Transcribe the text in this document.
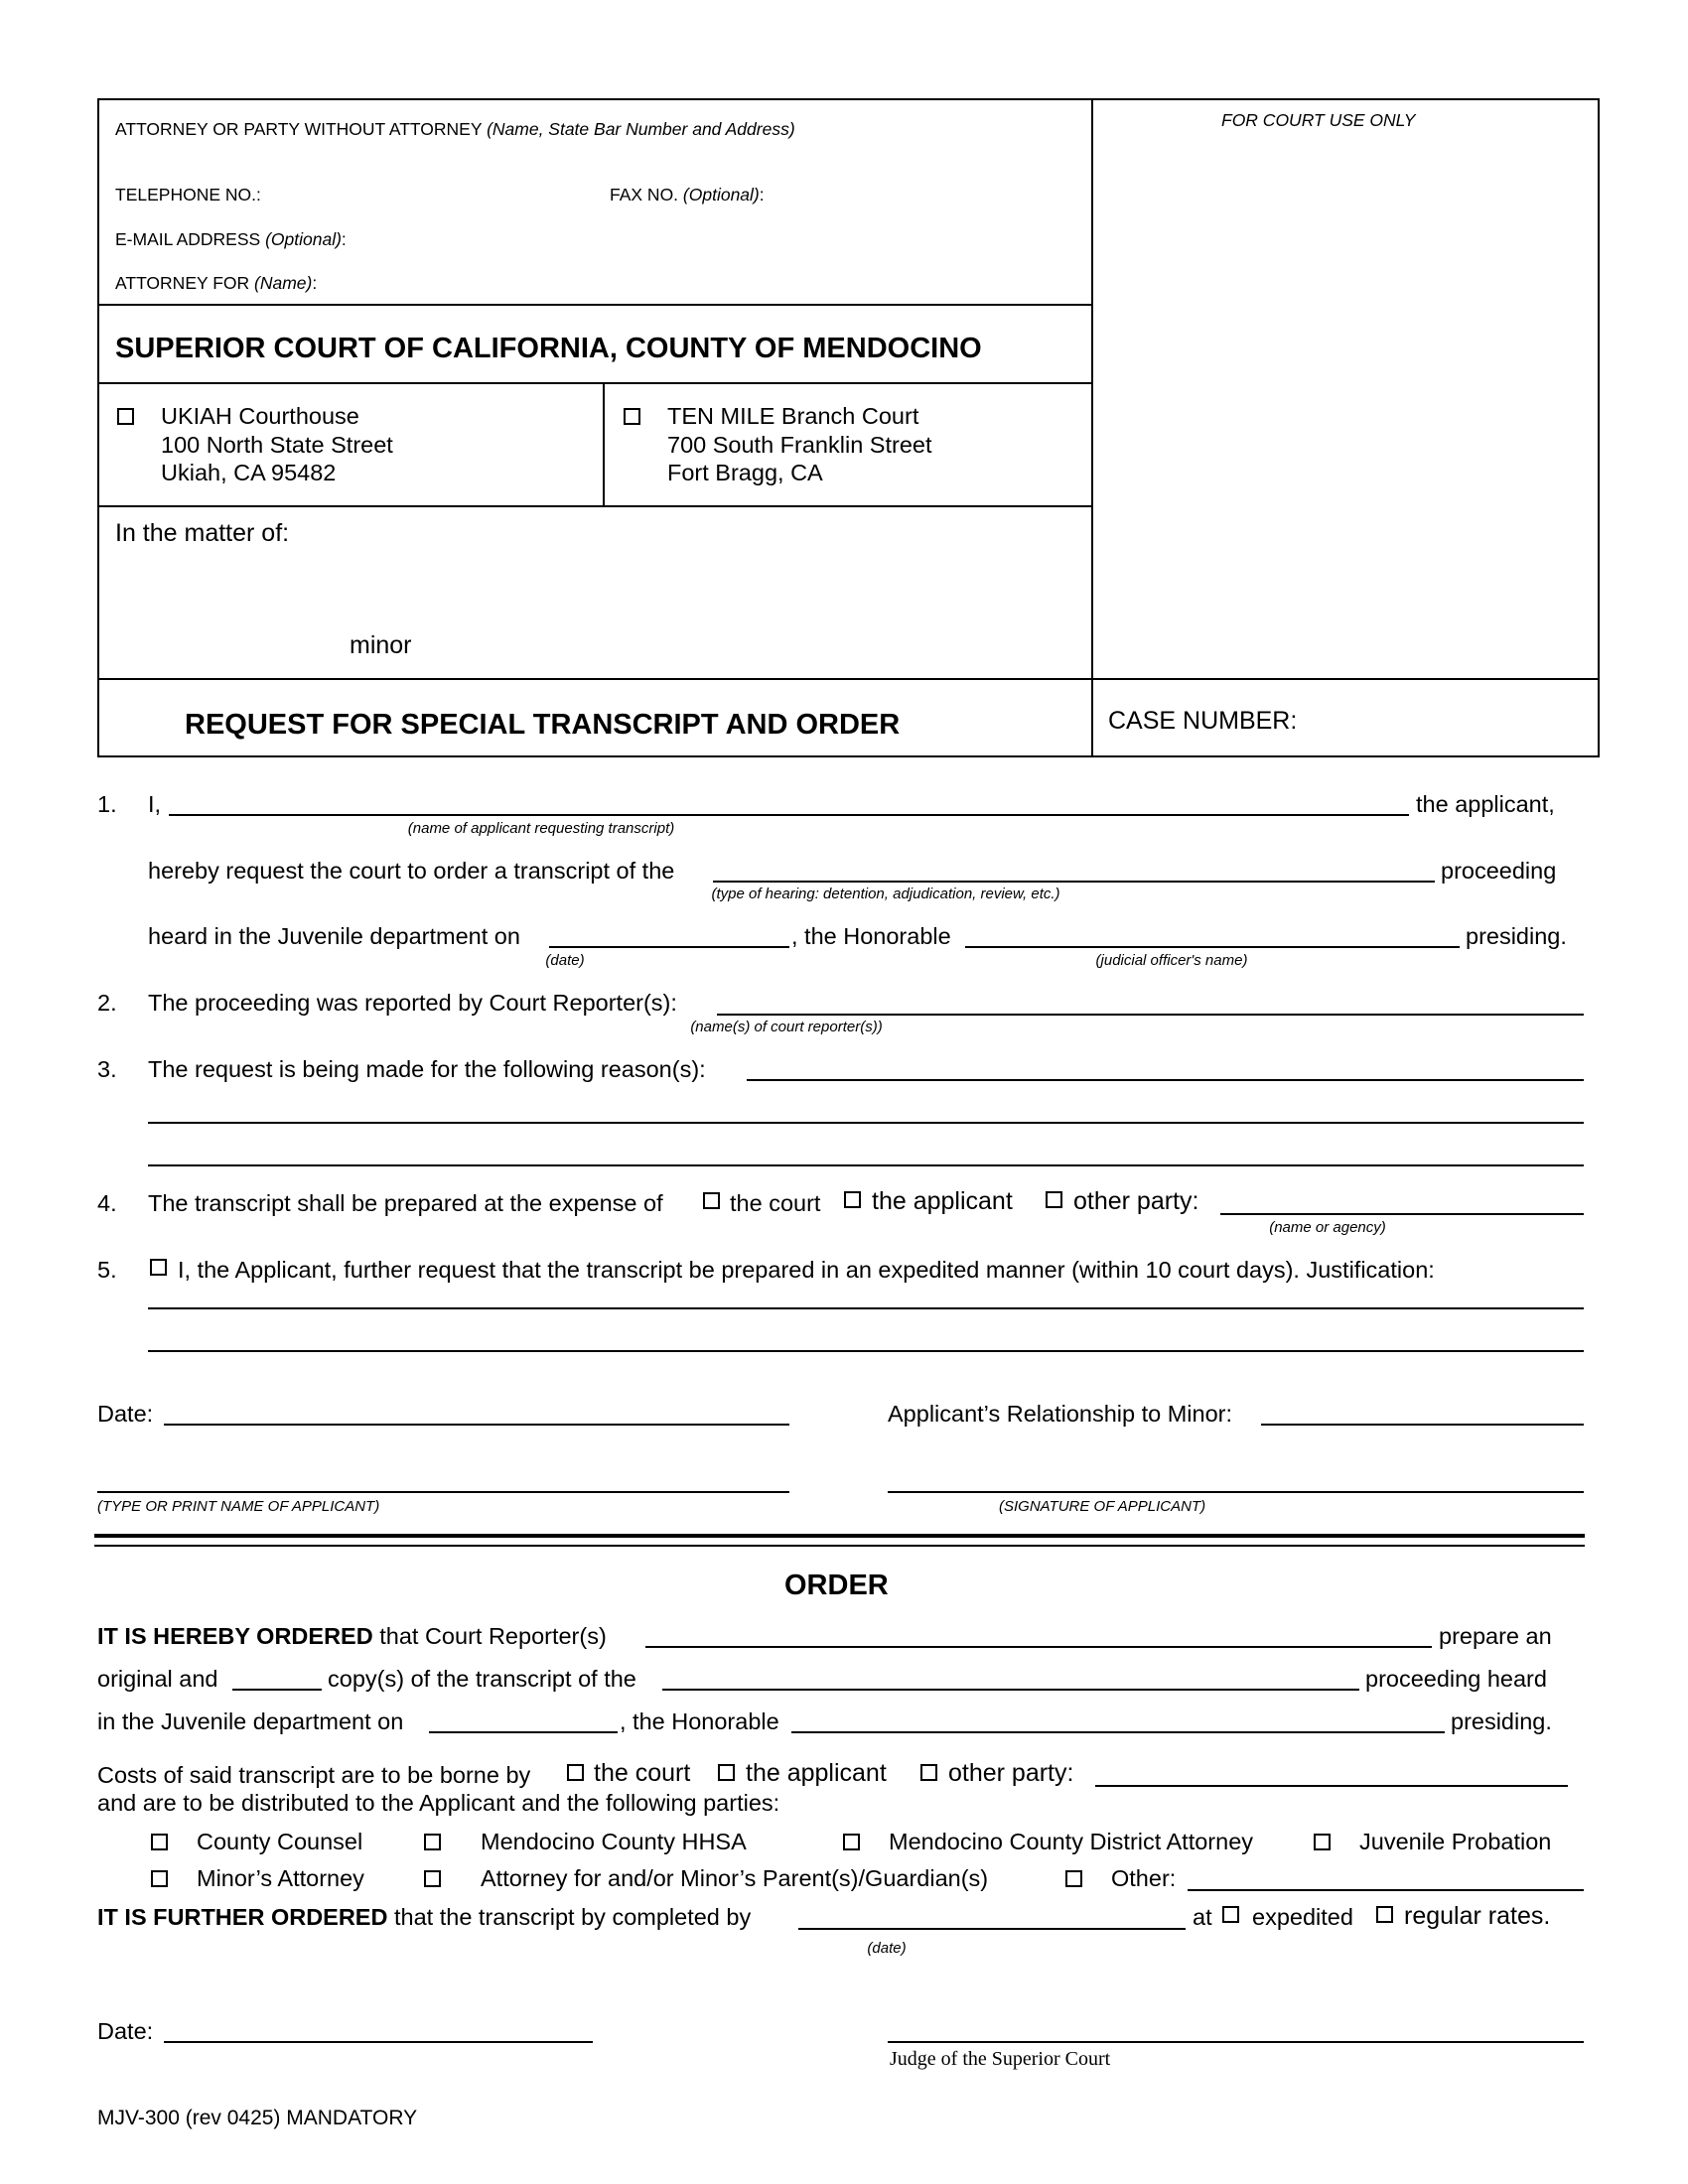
ATTORNEY OR PARTY WITHOUT ATTORNEY (Name, State Bar Number and Address)	FOR COURT USE ONLY
TELEPHONE NO.:	FAX NO. (Optional):
E-MAIL ADDRESS (Optional):
ATTORNEY FOR (Name):
SUPERIOR COURT OF CALIFORNIA, COUNTY OF MENDOCINO
UKIAH Courthouse
100 North State Street
Ukiah, CA 95482
TEN MILE Branch Court
700 South Franklin Street
Fort Bragg, CA
In the matter of:
minor
REQUEST FOR SPECIAL TRANSCRIPT AND ORDER	CASE NUMBER:
1. I,	the applicant,
(name of applicant requesting transcript)
hereby request the court to order a transcript of the	proceeding
(type of hearing: detention, adjudication, review, etc.)
heard in the Juvenile department on	, the Honorable	presiding.
(date)	(judicial officer's name)
2. The proceeding was reported by Court Reporter(s):
(name(s) of court reporter(s))
3. The request is being made for the following reason(s):
4. The transcript shall be prepared at the expense of	the court the applicant other party:
(name or agency)
5.	I, the Applicant, further request that the transcript be prepared in an expedited manner (within 10 court days). Justification:
Date:	Applicant’s Relationship to Minor:
(TYPE OR PRINT NAME OF APPLICANT)	(SIGNATURE OF APPLICANT)
ORDER
IT IS HEREBY ORDERED that Court Reporter(s)	prepare an
original and	copy(s) of the transcript of the	proceeding heard
in the Juvenile department on	, the Honorable	presiding.
Costs of said transcript are to be borne by	the court the applicant other party:
and are to be distributed to the Applicant and the following parties:
County Counsel	Mendocino County HHSA	Mendocino County District Attorney	Juvenile Probation
Minor’s Attorney	Attorney for and/or Minor’s Parent(s)/Guardian(s)	Other:
IT IS FURTHER ORDERED that the transcript by completed by	at expedited regular rates.
(date)
Date:
Judge of the Superior Court
MJV-300 (rev 0425) MANDATORY
